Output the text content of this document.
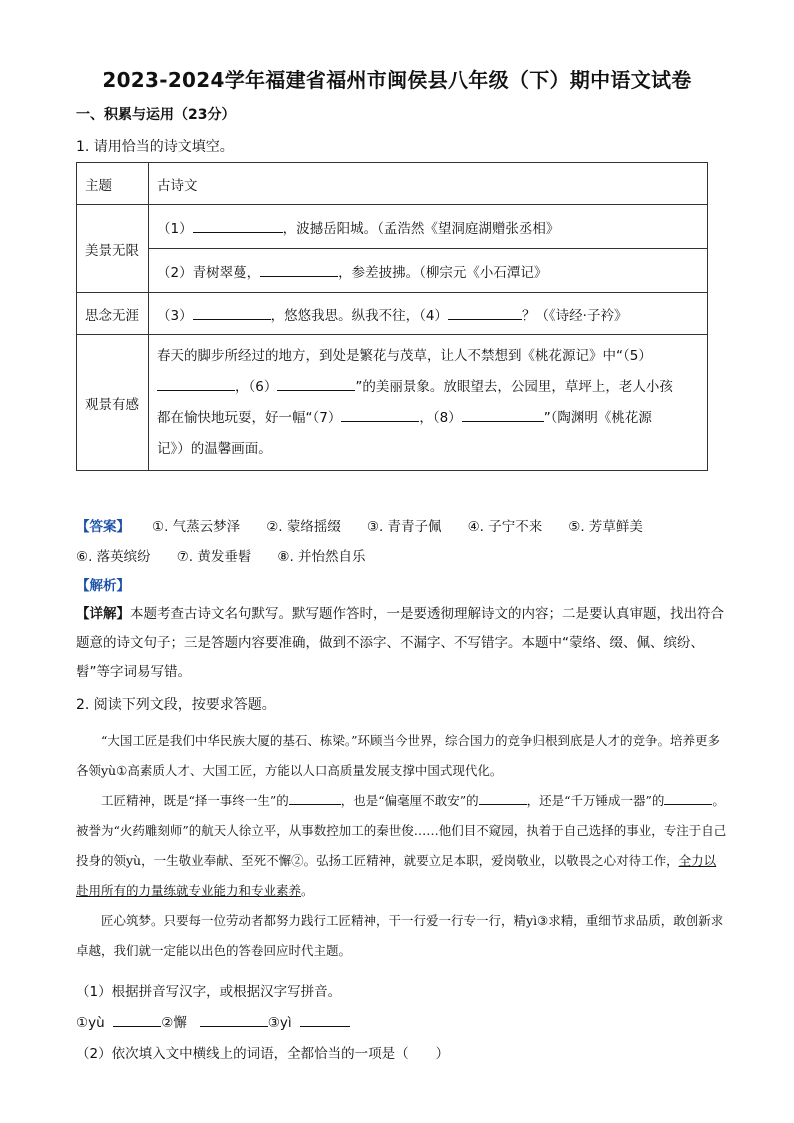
2023-2024学年福建省福州市闽侯县八年级（下）期中语文试卷
一、积累与运用（23分）
1. 请用恰当的诗文填空。
主题	古诗文
美景无限	（1） ，波撼岳阳城。（孟浩然《望洞庭湖赠张丞相》
	（2）青树翠蔓， ，参差披拂。（柳宗元《小石潭记》
思念无涯	（3） ，悠悠我思。纵我不往，（4） ？（《诗经·子衿》
观景有感	春天的脚步所经过的地方，到处是繁花与茂草，让人不禁想到《桃花源记》中“（5）
，（6） ”的美丽景象。放眼望去，公园里，草坪上，老人小孩
都在愉快地玩耍，好一幅“（7） ，（8） ”（陶渊明《桃花源
记》）的温馨画面。
【答案】 ①. 气蒸云梦泽 ②. 蒙络摇缀 ③. 青青子佩 ④. 子宁不来 ⑤. 芳草鲜美
⑥. 落英缤纷 ⑦. 黄发垂髫 ⑧. 并怡然自乐
【解析】
【详解】本题考查古诗文名句默写。默写题作答时，一是要透彻理解诗文的内容；二是要认真审题，找出符合题意的诗文句子；三是答题内容要准确，做到不添字、不漏字、不写错字。本题中“蒙络、缀、佩、缤纷、髫”等字词易写错。
2. 阅读下列文段，按要求答题。

“大国工匠是我们中华民族大厦的基石、栋梁。”环顾当今世界，综合国力的竞争归根到底是人才的竞争。培养更多各领yù①高素质人才、大国工匠，方能以人口高质量发展支撑中国式现代化。

工匠精神，既是“择一事终一生”的	，也是“偏毫厘不敢安”的	，还是“千万锤成一器”的	。被誉为“火药雕刻师”的航天人徐立平，从事数控加工的秦世俊……他们目不窥园，执着于自己选择的事业，专注于自己投身的领yù，一生敬业奉献、至死不懈②。弘扬工匠精神，就要立足本职，爱岗敬业，以敬畏之心对待工作，全力以赴用所有的力量练就专业能力和专业素养。

匠心筑梦。只要每一位劳动者都努力践行工匠精神，干一行爱一行专一行，精yì③求精，重细节求品质，敢创新求卓越，我们就一定能以出色的答卷回应时代主题。

（1）根据拼音写汉字，或根据汉字写拼音。
①yù	②懈	③yì
（2）依次填入文中横线上的词语，全都恰当的一项是（　　）
